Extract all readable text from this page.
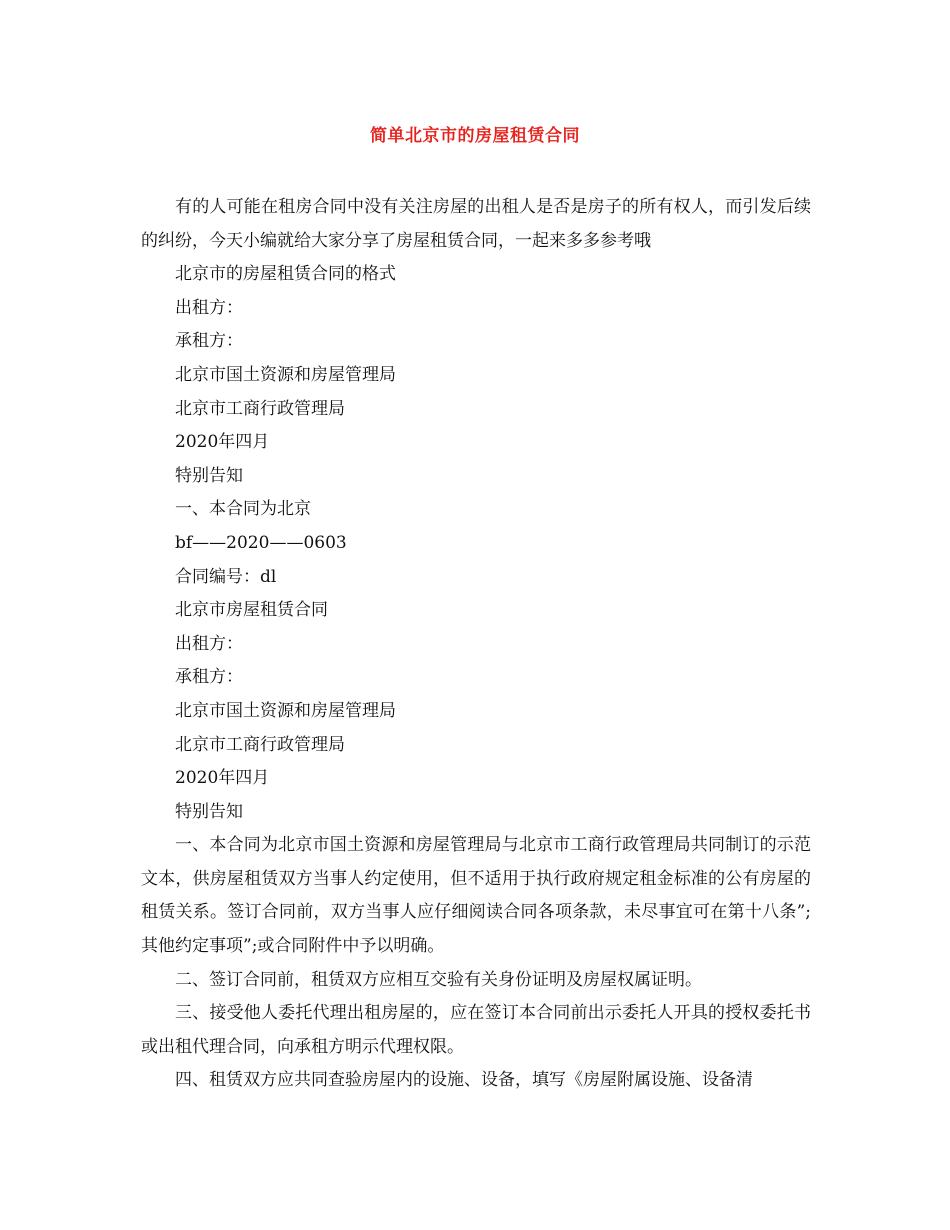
简单北京市的房屋租赁合同

有的人可能在租房合同中没有关注房屋的出租人是否是房子的所有权人，而引发后续的纠纷，今天小编就给大家分享了房屋租赁合同，一起来多多参考哦

北京市的房屋租赁合同的格式

出租方：

承租方：

北京市国土资源和房屋管理局

北京市工商行政管理局

2020年四月

特别告知

一、本合同为北京

bf——2020——0603

合同编号：dl

北京市房屋租赁合同

出租方：

承租方：

北京市国土资源和房屋管理局

北京市工商行政管理局

2020年四月

特别告知

一、本合同为北京市国土资源和房屋管理局与北京市工商行政管理局共同制订的示范文本，供房屋租赁双方当事人约定使用，但不适用于执行政府规定租金标准的公有房屋的租赁关系。签订合同前，双方当事人应仔细阅读合同各项条款，未尽事宜可在第十八条”;其他约定事项”;或合同附件中予以明确。

二、签订合同前，租赁双方应相互交验有关身份证明及房屋权属证明。

三、接受他人委托代理出租房屋的，应在签订本合同前出示委托人开具的授权委托书或出租代理合同，向承租方明示代理权限。

四、租赁双方应共同查验房屋内的设施、设备，填写《房屋附属设施、设备清
